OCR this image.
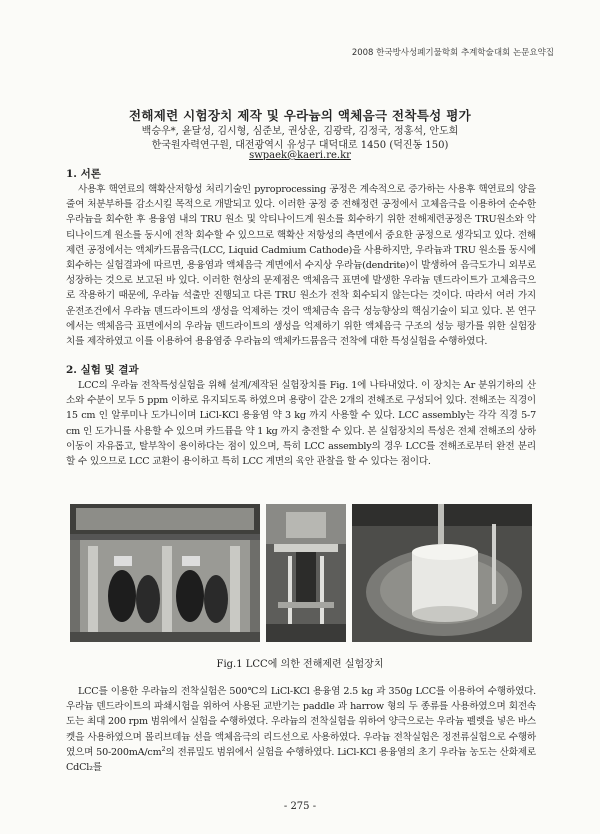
2008 한국방사성폐기물학회 추계학술대회 논문요약집
전해제련 시험장치 제작 및 우라늄의 액체음극 전착특성 평가
백승우*, 윤달성, 김시형, 심준보, 권상운, 김광락, 김정국, 정홍석, 안도희
한국원자력연구원, 대전광역시 유성구 대덕대로 1450 (덕진동 150)
swpaek@kaeri.re.kr
1. 서론
사용후 핵연료의 핵확산저항성 처리기술인 pyroprocessing 공정은 계속적으로 증가하는 사용후 핵연료의 양을 줄여 처분부하를 감소시킬 목적으로 개발되고 있다. 이러한 공정 중 전해정련 공정에서 고체음극을 이용하여 순수한 우라늄을 회수한 후 용융염 내의 TRU 원소 및 악티나이드계 원소를 회수하기 위한 전해제련공정은 TRU원소와 악티나이드계 원소를 동시에 전착 회수할 수 있으므로 핵확산 저항성의 측면에서 중요한 공정으로 생각되고 있다. 전해제련 공정에서는 액체카드뮴음극(LCC, Liquid Cadmium Cathode)을 사용하지만, 우라늄과 TRU 원소를 동시에 회수하는 실험결과에 따르면, 용융염과 액체음극 계면에서 수지상 우라늄(dendrite)이 발생하여 음극도가니 외부로 성장하는 것으로 보고된 바 있다. 이러한 현상의 문제점은 액체음극 표면에 발생한 우라늄 덴드라이트가 고체음극으로 작용하기 때문에, 우라늄 석출만 진행되고 다른 TRU 원소가 전착 회수되지 않는다는 것이다. 따라서 여러 가지 운전조건에서 우라늄 덴드라이트의 생성을 억제하는 것이 액체금속 음극 성능향상의 핵심기술이 되고 있다. 본 연구에서는 액체음극 표면에서의 우라늄 덴드라이트의 생성을 억제하기 위한 액체음극 구조의 성능 평가를 위한 실험장치를 제작하였고 이를 이용하여 용융염중 우라늄의 액체카드뮴음극 전착에 대한 특성실험을 수행하였다.
2. 실험 및 결과
LCC의 우라늄 전착특성실험을 위해 설계/제작된 실험장치를 Fig. 1에 나타내었다. 이 장치는 Ar 분위기하의 산소와 수분이 모두 5 ppm 이하로 유지되도록 하였으며 용량이 같은 2개의 전해조로 구성되어 있다. 전해조는 직경이 15 cm 인 알루미나 도가니이며 LiCl-KCl 용융염 약 3 kg 까지 사용할 수 있다. LCC assembly는 각각 직경 5-7 cm 인 도가니를 사용할 수 있으며 카드뮴을 약 1 kg 까지 충전할 수 있다. 본 실험장치의 특성은 전체 전해조의 상하 이동이 자유롭고, 탈부착이 용이하다는 점이 있으며, 특히 LCC assembly의 경우 LCC를 전해조로부터 완전 분리할 수 있으므로 LCC 교환이 용이하고 특히 LCC 계면의 육안 관찰을 할 수 있다는 점이다.
Fig.1 LCC에 의한 전해제련 실험장치
LCC를 이용한 우라늄의 전착실험은 500℃의 LiCl-KCl 용융염 2.5 kg 과 350g LCC를 이용하여 수행하였다. 우라늄 덴드라이트의 파쇄시험을 위하여 사용된 교반기는 paddle 과 harrow 형의 두 종류를 사용하였으며 회전속도는 최대 200 rpm 범위에서 실험을 수행하였다. 우라늄의 전착실험을 위하여 양극으로는 우라늄 펠렛을 넣은 바스켓을 사용하였으며 몰리브데늄 선을 액체음극의 리드선으로 사용하였다. 우라늄 전착실험은 정전류실험으로 수행하였으며 $50-200mA/cm^2$의 전류밀도 범위에서 실험을 수행하였다. LiCl-KCl 용융염의 초기 우라늄 농도는 산화제로 CdCl₂를
- 275 -
